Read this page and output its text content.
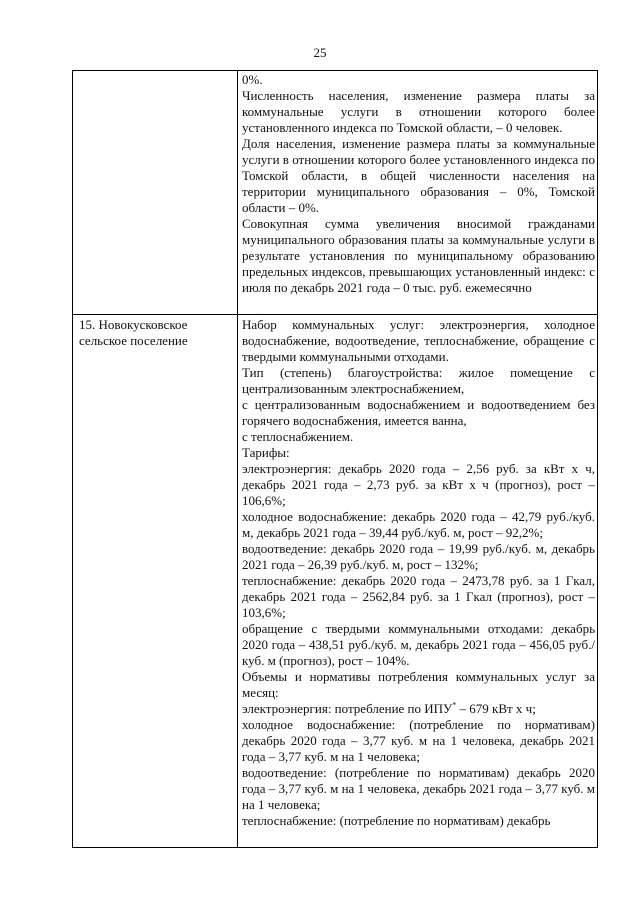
25

0%.

Численность населения, изменение размера платы за коммунальные услуги в отношении которого более установленного индекса по Томской области, – 0 человек.

Доля населения, изменение размера платы за коммунальные услуги в отношении которого более установленного индекса по Томской области, в общей численности населения на территории муниципального образования – 0%, Томской области – 0%.

Совокупная сумма увеличения вносимой гражданами муниципального образования платы за коммунальные услуги в результате установления по муниципальному образованию предельных индексов, превышающих установленный индекс: с июля по декабрь 2021 года – 0 тыс. руб. ежемесячно

15. Новокусковское сельское поселение

Набор коммунальных услуг: электроэнергия, холодное водоснабжение, водоотведение, теплоснабжение, обращение с твердыми коммунальными отходами.

Тип (степень) благоустройства: жилое помещение с централизованным электроснабжением,

с централизованным водоснабжением и водоотведением без горячего водоснабжения, имеется ванна,

с теплоснабжением.

Тарифы:

электроэнергия: декабрь 2020 года – 2,56 руб. за кВт х ч, декабрь 2021 года – 2,73 руб. за кВт х ч (прогноз), рост – 106,6%;

холодное водоснабжение: декабрь 2020 года – 42,79 руб./куб. м, декабрь 2021 года – 39,44 руб./куб. м, рост – 92,2%;

водоотведение: декабрь 2020 года – 19,99 руб./куб. м, декабрь 2021 года – 26,39 руб./куб. м, рост – 132%;

теплоснабжение: декабрь 2020 года – 2473,78 руб. за 1 Гкал, декабрь 2021 года – 2562,84 руб. за 1 Гкал (прогноз), рост – 103,6%;

обращение с твердыми коммунальными отходами: декабрь 2020 года – 438,51 руб./куб. м, декабрь 2021 года – 456,05 руб./куб. м (прогноз), рост – 104%.

Объемы и нормативы потребления коммунальных услуг за месяц:

электроэнергия: потребление по ИПУ* – 679 кВт х ч;

холодное водоснабжение: (потребление по нормативам) декабрь 2020 года – 3,77 куб. м на 1 человека, декабрь 2021 года – 3,77 куб. м на 1 человека;

водоотведение: (потребление по нормативам) декабрь 2020 года – 3,77 куб. м на 1 человека, декабрь 2021 года – 3,77 куб. м на 1 человека;

теплоснабжение: (потребление по нормативам) декабрь
